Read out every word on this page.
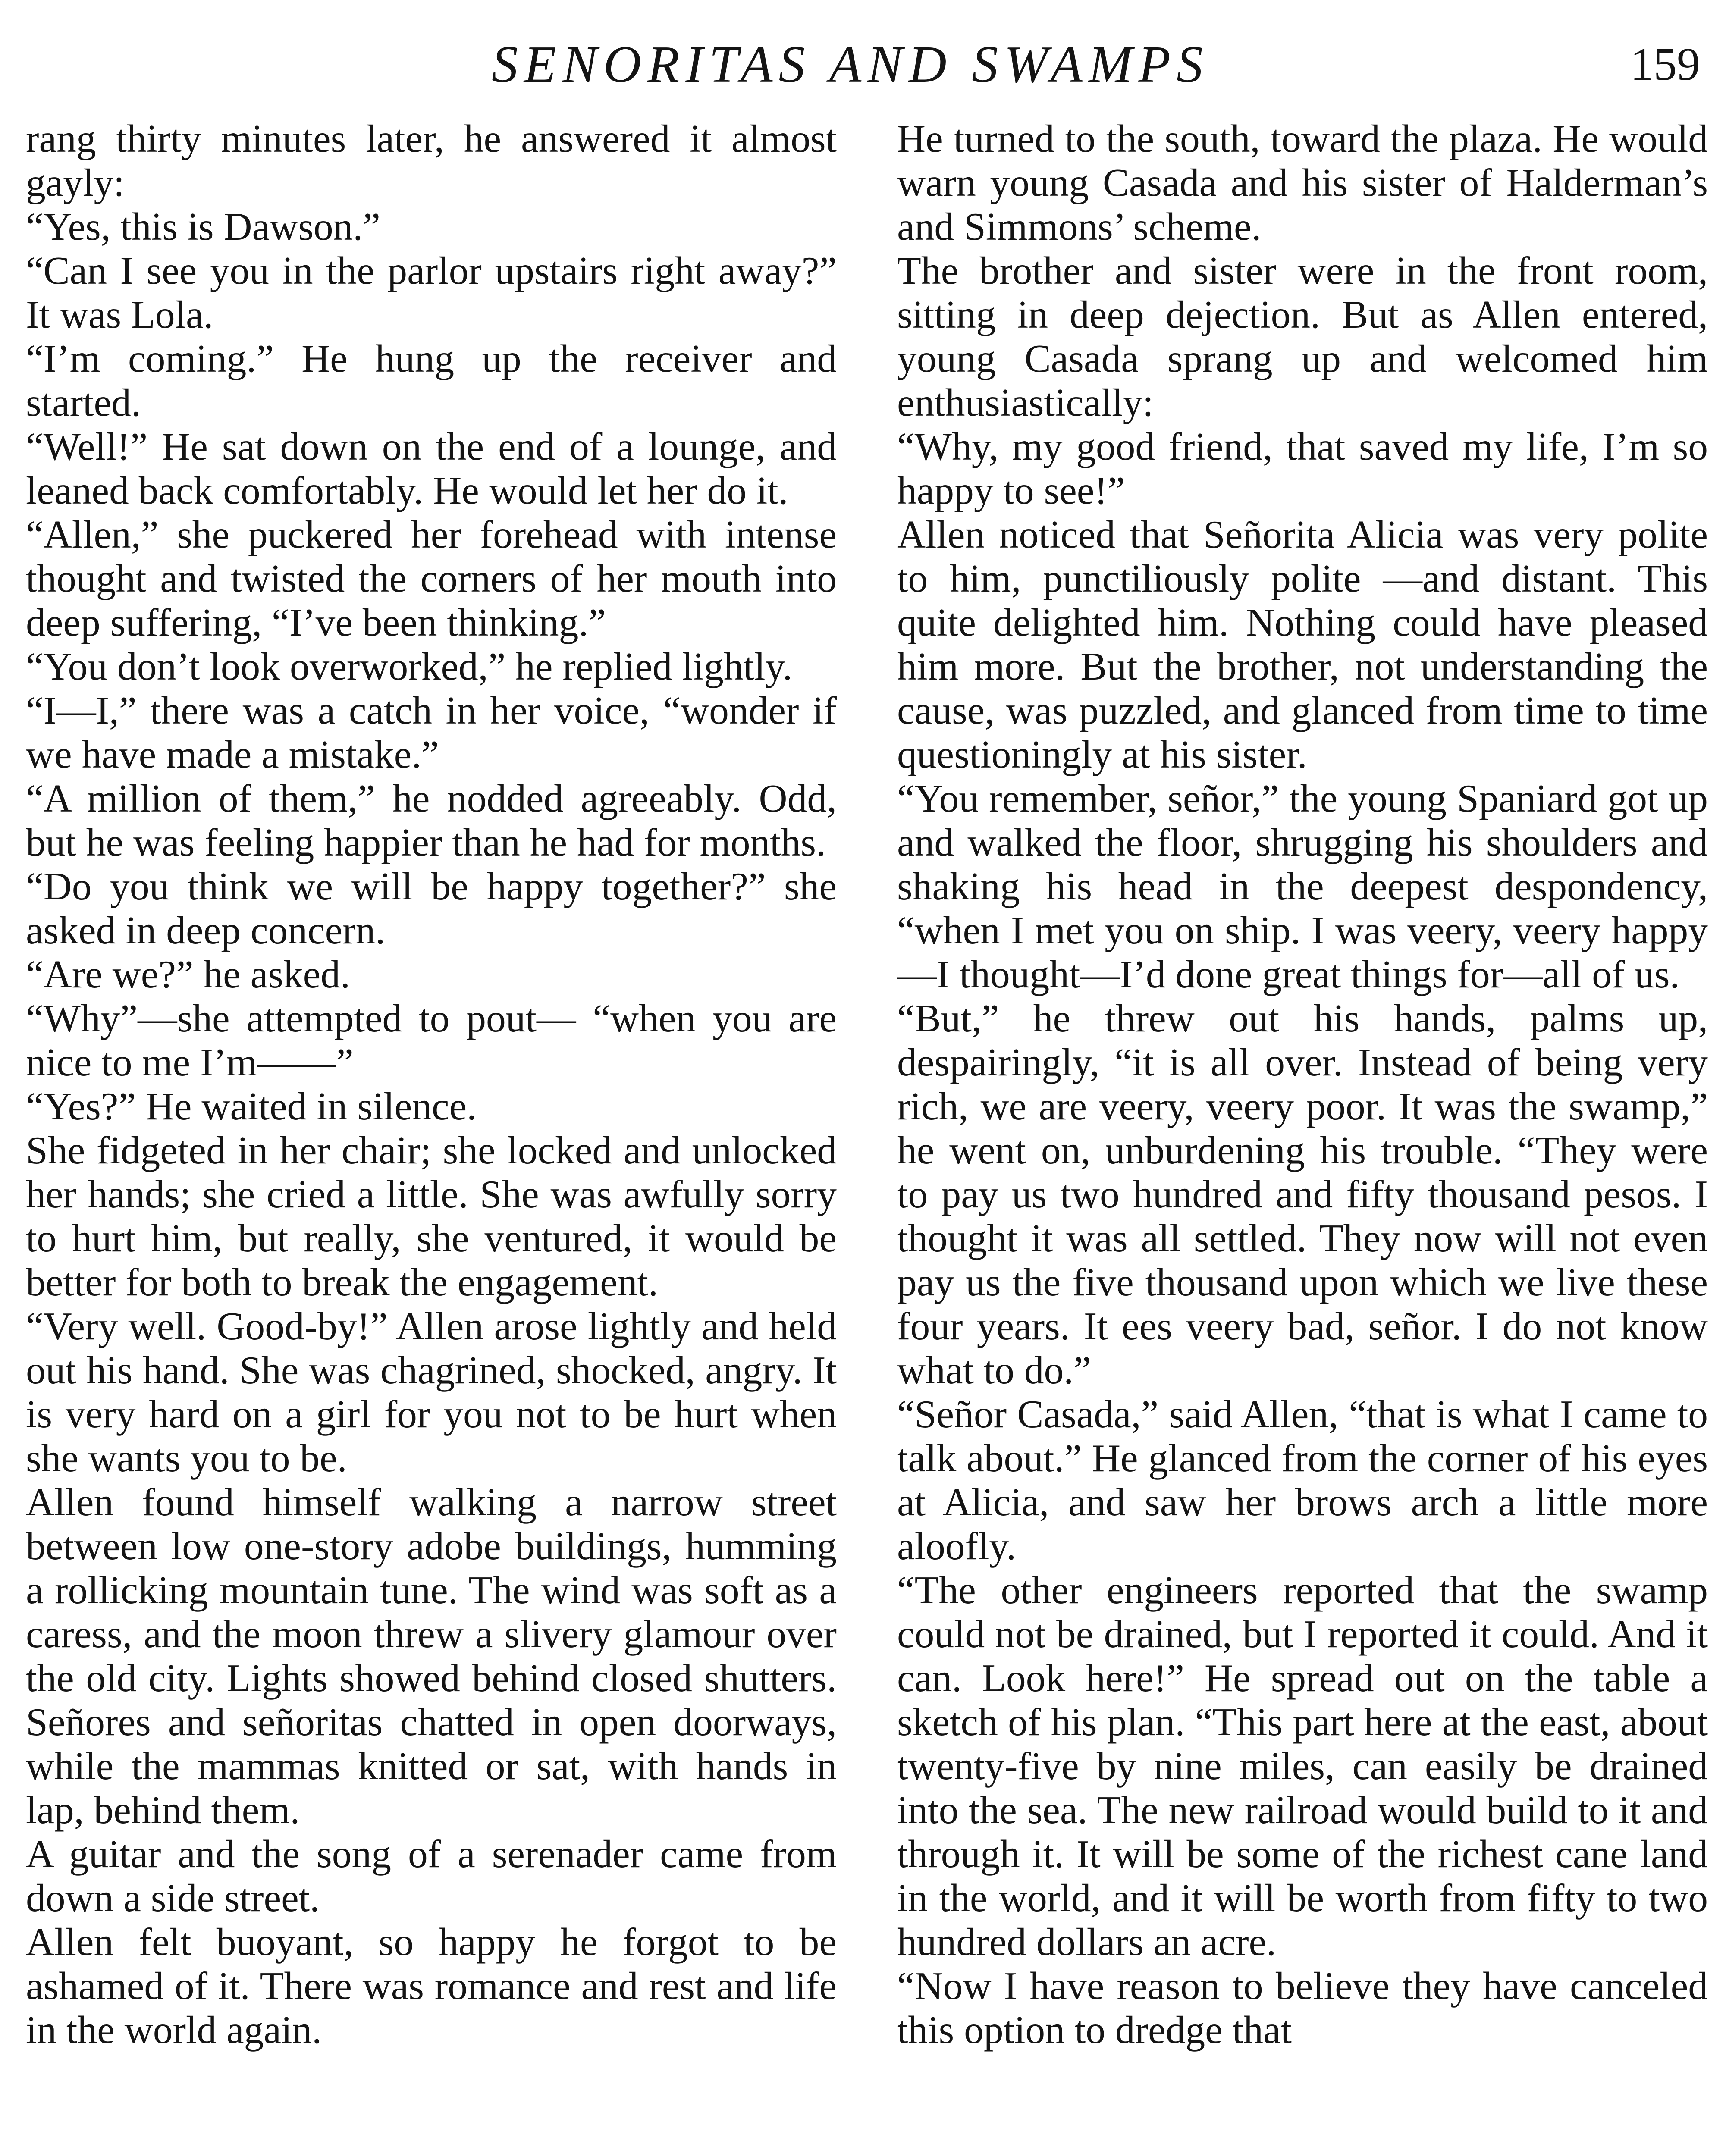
SENORITAS AND SWAMPS	159

rang thirty minutes later, he answered it almost gayly:

“Yes, this is Dawson.”

“Can I see you in the parlor upstairs right away?” It was Lola.

“I’m coming.” He hung up the receiver and started.

“Well!” He sat down on the end of a lounge, and leaned back comfortably. He would let her do it.

“Allen,” she puckered her forehead with intense thought and twisted the corners of her mouth into deep suffering, “I’ve been thinking.”

“You don’t look overworked,” he replied lightly.

“I—I,” there was a catch in her voice, “wonder if we have made a mistake.”

“A million of them,” he nodded agreeably. Odd, but he was feeling happier than he had for months.

“Do you think we will be happy together?” she asked in deep concern.

“Are we?” he asked.

“Why”—she attempted to pout— “when you are nice to me I’m——”

“Yes?” He waited in silence.

She fidgeted in her chair; she locked and unlocked her hands; she cried a little. She was awfully sorry to hurt him, but really, she ventured, it would be better for both to break the engagement.

“Very well. Good-by!” Allen arose lightly and held out his hand. She was chagrined, shocked, angry. It is very hard on a girl for you not to be hurt when she wants you to be.

Allen found himself walking a narrow street between low one-story adobe buildings, humming a rollicking mountain tune. The wind was soft as a caress, and the moon threw a slivery glamour over the old city. Lights showed behind closed shutters. Señores and señoritas chatted in open doorways, while the mammas knitted or sat, with hands in lap, behind them.

A guitar and the song of a serenader came from down a side street.

Allen felt buoyant, so happy he forgot to be ashamed of it. There was romance and rest and life in the world again.

He turned to the south, toward the plaza. He would warn young Casada and his sister of Halderman’s and Simmons’ scheme.

The brother and sister were in the front room, sitting in deep dejection. But as Allen entered, young Casada sprang up and welcomed him enthusiastically:

“Why, my good friend, that saved my life, I’m so happy to see!”

Allen noticed that Señorita Alicia was very polite to him, punctiliously polite —and distant. This quite delighted him. Nothing could have pleased him more. But the brother, not understanding the cause, was puzzled, and glanced from time to time questioningly at his sister.

“You remember, señor,” the young Spaniard got up and walked the floor, shrugging his shoulders and shaking his head in the deepest despondency, “when I met you on ship. I was veery, veery happy—I thought—I’d done great things for—all of us.

“But,” he threw out his hands, palms up, despairingly, “it is all over. Instead of being very rich, we are veery, veery poor. It was the swamp,” he went on, unburdening his trouble. “They were to pay us two hundred and fifty thousand pesos. I thought it was all settled. They now will not even pay us the five thousand upon which we live these four years. It ees veery bad, señor. I do not know what to do.”

“Señor Casada,” said Allen, “that is what I came to talk about.” He glanced from the corner of his eyes at Alicia, and saw her brows arch a little more aloofly.

“The other engineers reported that the swamp could not be drained, but I reported it could. And it can. Look here!” He spread out on the table a sketch of his plan. “This part here at the east, about twenty-five by nine miles, can easily be drained into the sea. The new railroad would build to it and through it. It will be some of the richest cane land in the world, and it will be worth from fifty to two hundred dollars an acre.

“Now I have reason to believe they have canceled this option to dredge that
